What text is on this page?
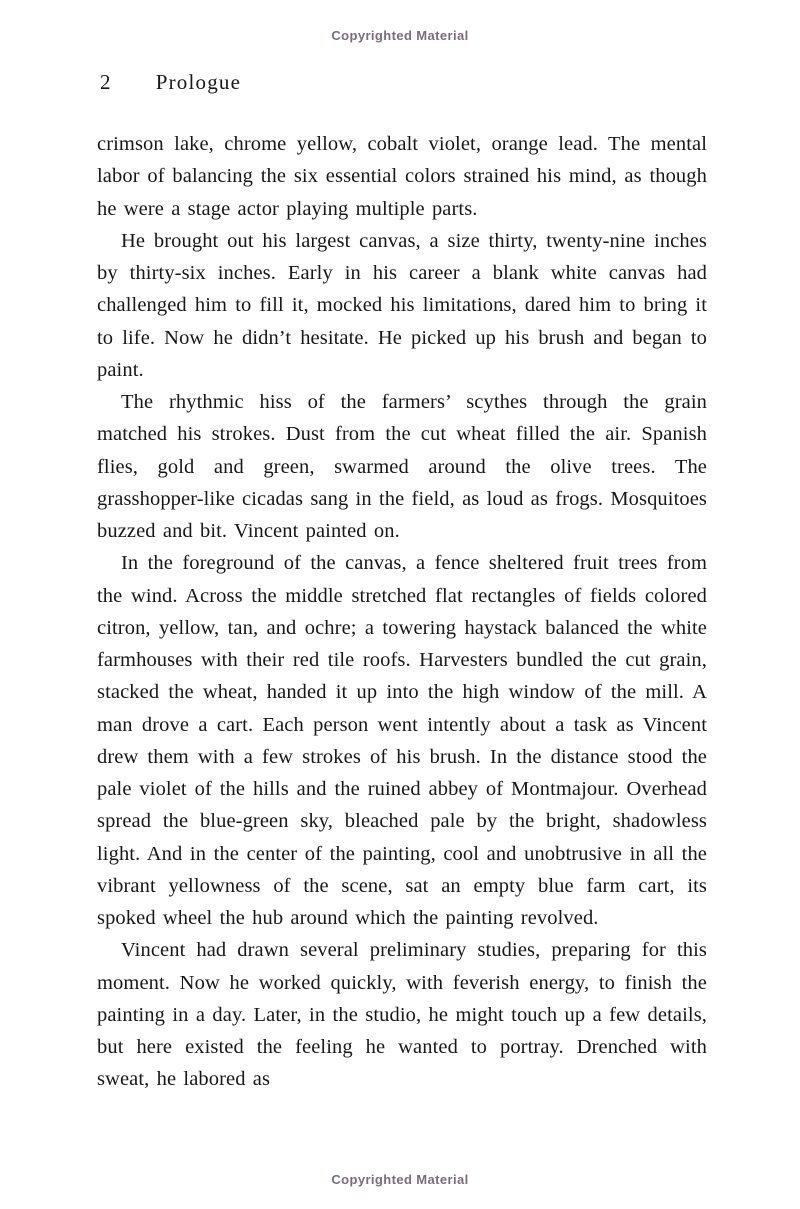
Copyrighted Material
2 Prologue

crimson lake, chrome yellow, cobalt violet, orange lead. The mental labor of balancing the six essential colors strained his mind, as though he were a stage actor playing multiple parts.

He brought out his largest canvas, a size thirty, twenty-nine inches by thirty-six inches. Early in his career a blank white canvas had challenged him to fill it, mocked his limitations, dared him to bring it to life. Now he didn’t hesitate. He picked up his brush and began to paint.

The rhythmic hiss of the farmers’ scythes through the grain matched his strokes. Dust from the cut wheat filled the air. Spanish flies, gold and green, swarmed around the olive trees. The grasshopper-like cicadas sang in the field, as loud as frogs. Mosquitoes buzzed and bit. Vincent painted on.

In the foreground of the canvas, a fence sheltered fruit trees from the wind. Across the middle stretched flat rectangles of fields colored citron, yellow, tan, and ochre; a towering haystack balanced the white farmhouses with their red tile roofs. Harvesters bundled the cut grain, stacked the wheat, handed it up into the high window of the mill. A man drove a cart. Each person went intently about a task as Vincent drew them with a few strokes of his brush. In the distance stood the pale violet of the hills and the ruined abbey of Montmajour. Overhead spread the blue-green sky, bleached pale by the bright, shadowless light. And in the center of the painting, cool and unobtrusive in all the vibrant yellowness of the scene, sat an empty blue farm cart, its spoked wheel the hub around which the painting revolved.

Vincent had drawn several preliminary studies, preparing for this moment. Now he worked quickly, with feverish energy, to finish the painting in a day. Later, in the studio, he might touch up a few details, but here existed the feeling he wanted to portray. Drenched with sweat, he labored as

Copyrighted Material
